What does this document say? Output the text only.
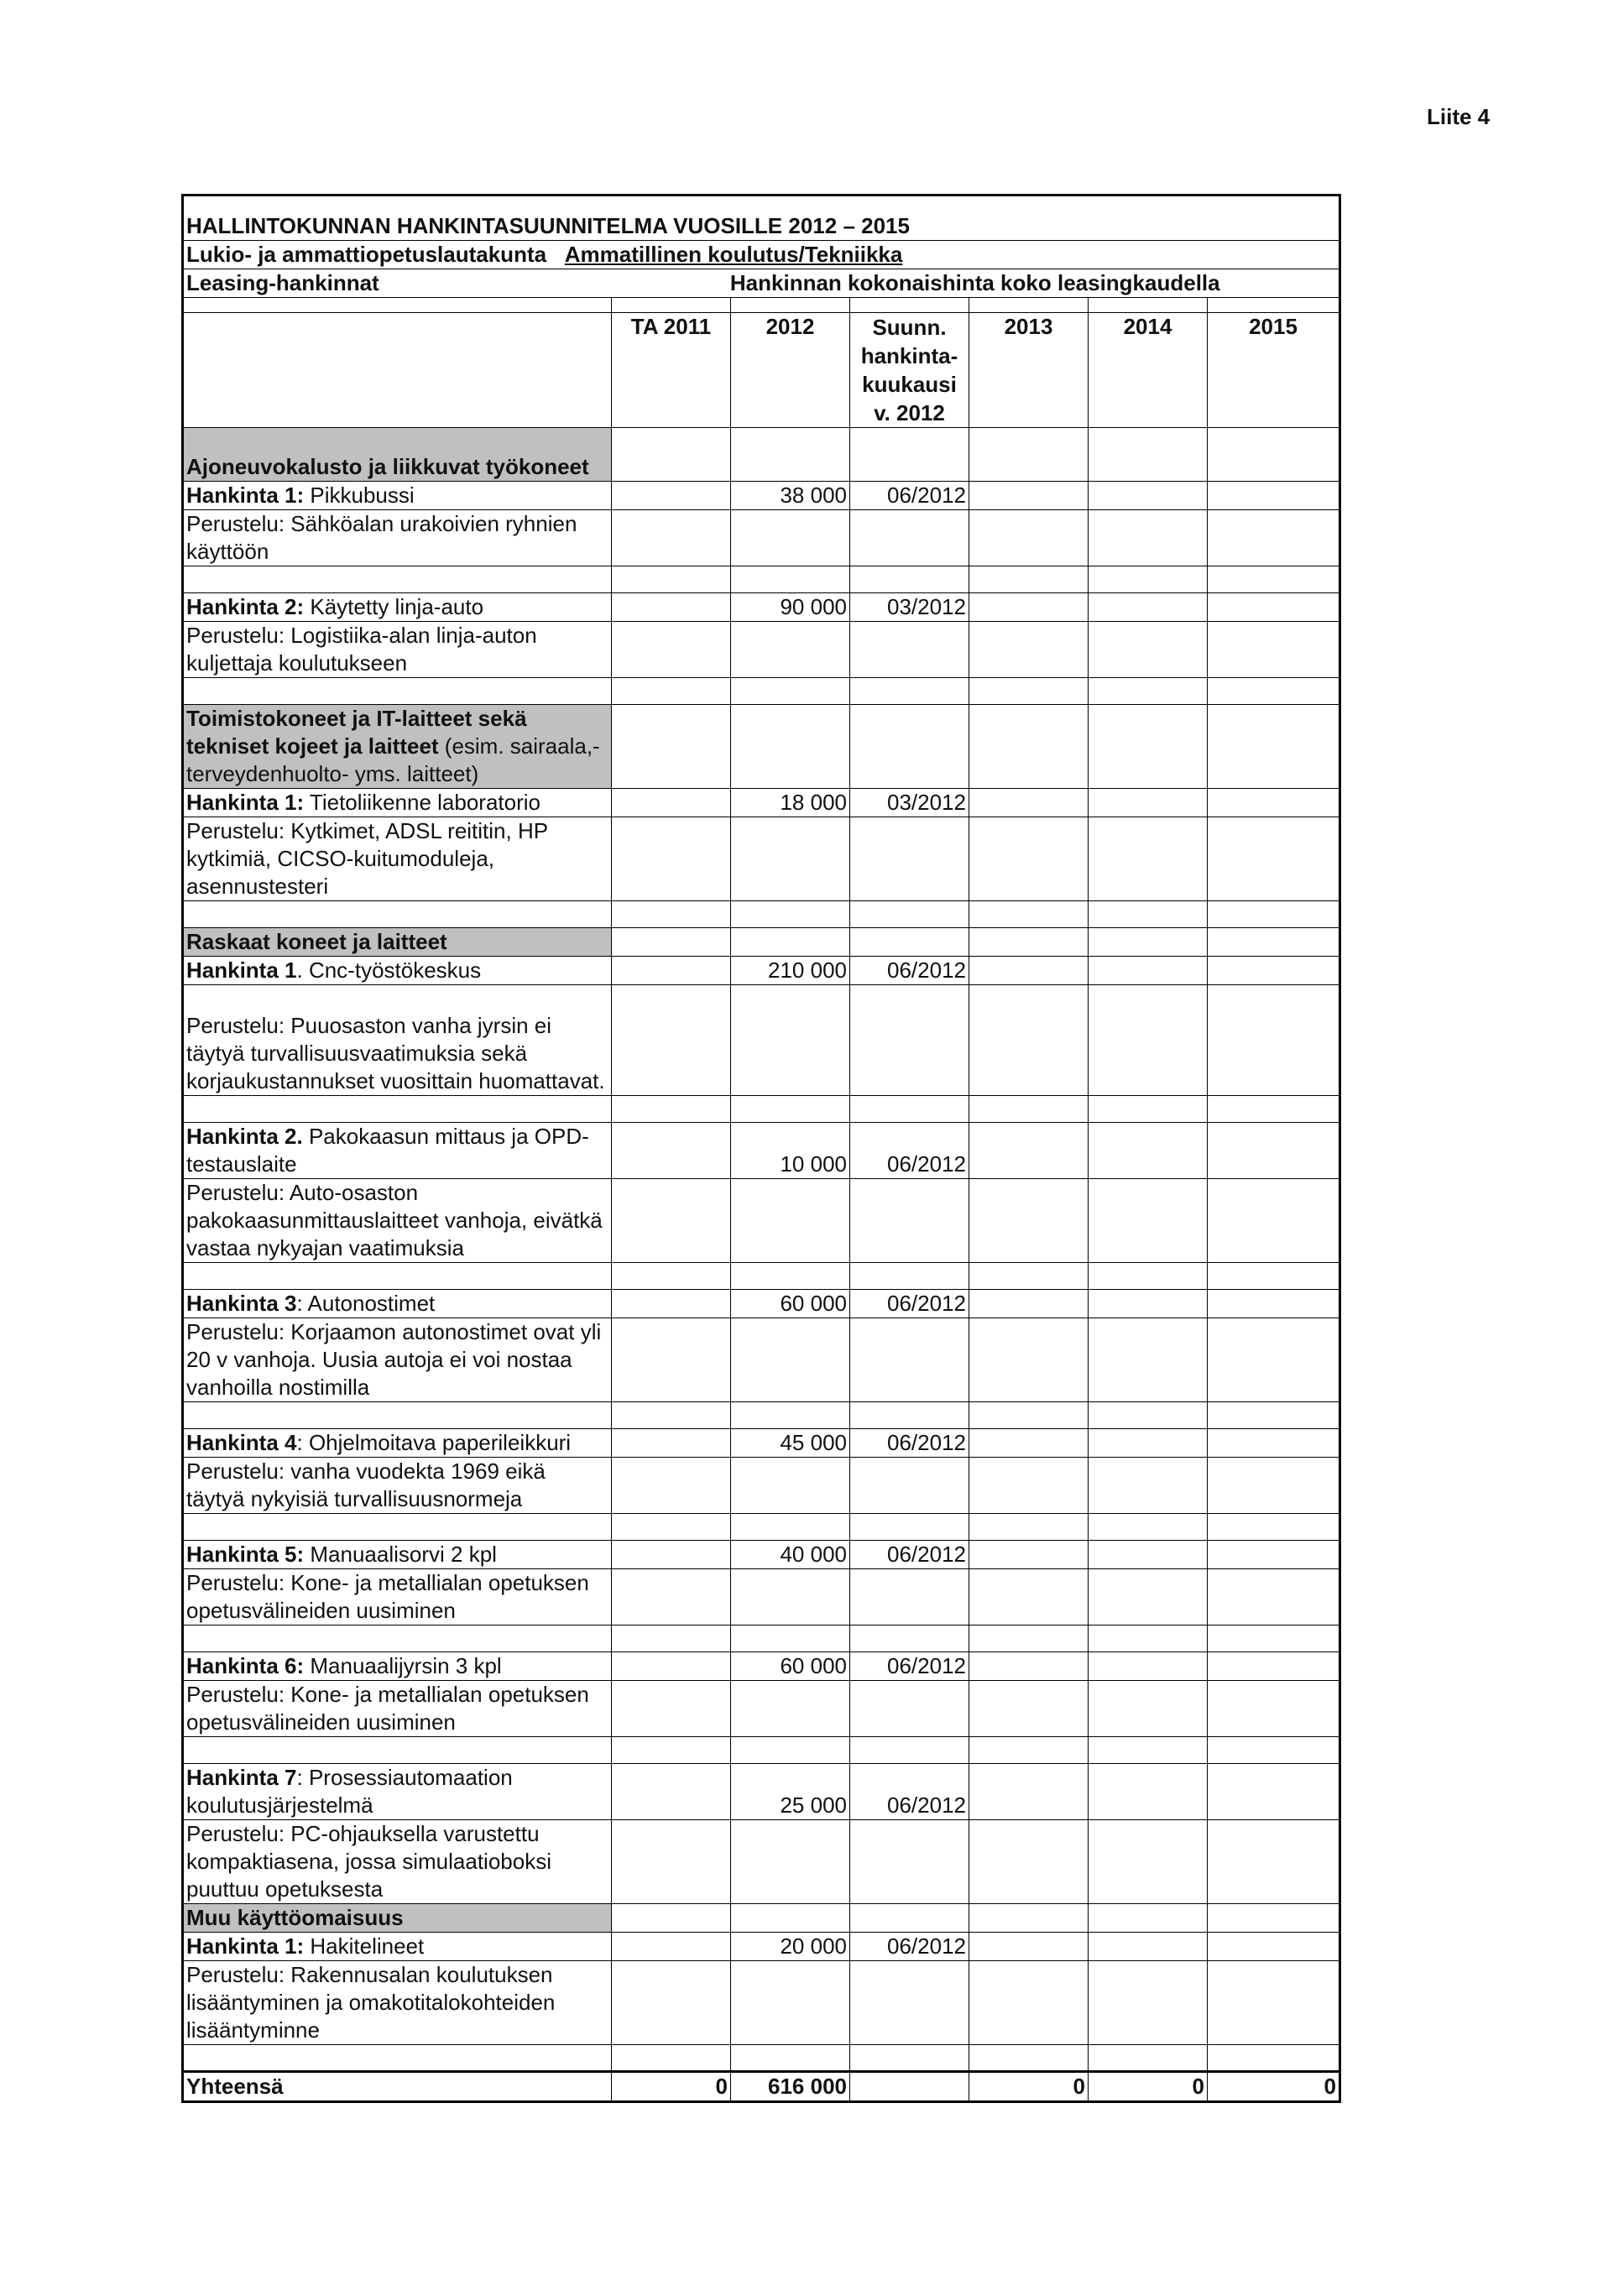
Liite 4
HALLINTOKUNNAN HANKINTASUUNNITELMA VUOSILLE 2012 – 2015						
Lukio- ja ammattiopetuslautakunta Ammatillinen koulutus/Tekniikka						
Leasing-hankinnat	Hankinnan kokonaishinta koko leasingkaudella					

	TA 2011	2012	Suunn.
hankinta-
kuukausi
v. 2012	2013	2014	2015
Ajoneuvokalusto ja liikkuvat työkoneet						
Hankinta 1: Pikkubussi		38 000	06/2012			
Perustelu: Sähköalan urakoivien ryhnien käyttöön						

Hankinta 2: Käytetty linja-auto		90 000	03/2012			
Perustelu: Logistiika-alan linja-auton kuljettaja koulutukseen						

Toimistokoneet ja IT-laitteet sekä tekniset kojeet ja laitteet (esim. sairaala,- terveydenhuolto- yms. laitteet)						
Hankinta 1: Tietoliikenne laboratorio		18 000	03/2012			
Perustelu: Kytkimet, ADSL reititin, HP kytkimiä, CICSO-kuitumoduleja, asennustesteri						

Raskaat koneet ja laitteet						
Hankinta 1. Cnc-työstökeskus		210 000	06/2012			
Perustelu: Puuosaston vanha jyrsin ei täytyä turvallisuusvaatimuksia sekä korjaukustannukset vuosittain huomattavat.						

Hankinta 2. Pakokaasun mittaus ja OPD-testauslaite		10 000	06/2012			
Perustelu: Auto-osaston pakokaasunmittauslaitteet vanhoja, eivätkä vastaa nykyajan vaatimuksia						

Hankinta 3: Autonostimet		60 000	06/2012			
Perustelu: Korjaamon autonostimet ovat yli 20 v vanhoja. Uusia autoja ei voi nostaa vanhoilla nostimilla						

Hankinta 4: Ohjelmoitava paperileikkuri		45 000	06/2012			
Perustelu: vanha vuodekta 1969 eikä täytyä nykyisiä turvallisuusnormeja						

Hankinta 5: Manuaalisorvi 2 kpl		40 000	06/2012			
Perustelu: Kone- ja metallialan opetuksen opetusvälineiden uusiminen						

Hankinta 6: Manuaalijyrsin 3 kpl		60 000	06/2012			
Perustelu: Kone- ja metallialan opetuksen opetusvälineiden uusiminen						

Hankinta 7: Prosessiautomaation koulutusjärjestelmä		25 000	06/2012			
Perustelu: PC-ohjauksella varustettu kompaktiasena, jossa simulaatioboksi puuttuu opetuksesta						
Muu käyttöomaisuus						
Hankinta 1: Hakitelineet		20 000	06/2012			
Perustelu: Rakennusalan koulutuksen lisääntyminen ja omakotitalokohteiden lisääntyminne						

Yhteensä	0	616 000		0	0	0
